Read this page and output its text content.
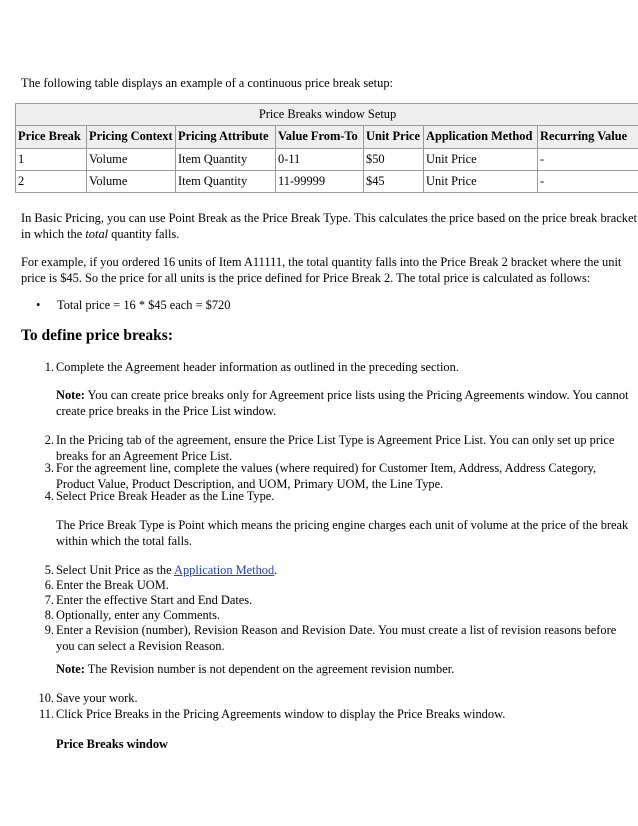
The following table displays an example of a continuous price break setup:

Price Breaks window Setup						
Price Break	Pricing Context	Pricing Attribute	Value From-To	Unit Price	Application Method	Recurring Value
1	Volume	Item Quantity	0-11	$50	Unit Price	-
2	Volume	Item Quantity	11-99999	$45	Unit Price	-

In Basic Pricing, you can use Point Break as the Price Break Type. This calculates the price based on the price break bracket in which the total quantity falls.

For example, if you ordered 16 units of Item A11111, the total quantity falls into the Price Break 2 bracket where the unit price is $45. So the price for all units is the price defined for Price Break 2. The total price is calculated as follows:

• Total price = 16 * $45 each = $720

To define price breaks:
1. Complete the Agreement header information as outlined in the preceding section.

Note: You can create price breaks only for Agreement price lists using the Pricing Agreements window. You cannot create price breaks in the Price List window.

2. In the Pricing tab of the agreement, ensure the Price List Type is Agreement Price List. You can only set up price breaks for an Agreement Price List.
3. For the agreement line, complete the values (where required) for Customer Item, Address, Address Category, Product Value, Product Description, and UOM, Primary UOM, the Line Type.
4. Select Price Break Header as the Line Type.

The Price Break Type is Point which means the pricing engine charges each unit of volume at the price of the break within which the total falls.

5. Select Unit Price as the Application Method.
6. Enter the Break UOM.
7. Enter the effective Start and End Dates.
8. Optionally, enter any Comments.
9. Enter a Revision (number), Revision Reason and Revision Date. You must create a list of revision reasons before you can select a Revision Reason.

Note: The Revision number is not dependent on the agreement revision number.

10. Save your work.
11. Click Price Breaks in the Pricing Agreements window to display the Price Breaks window.

Price Breaks window
